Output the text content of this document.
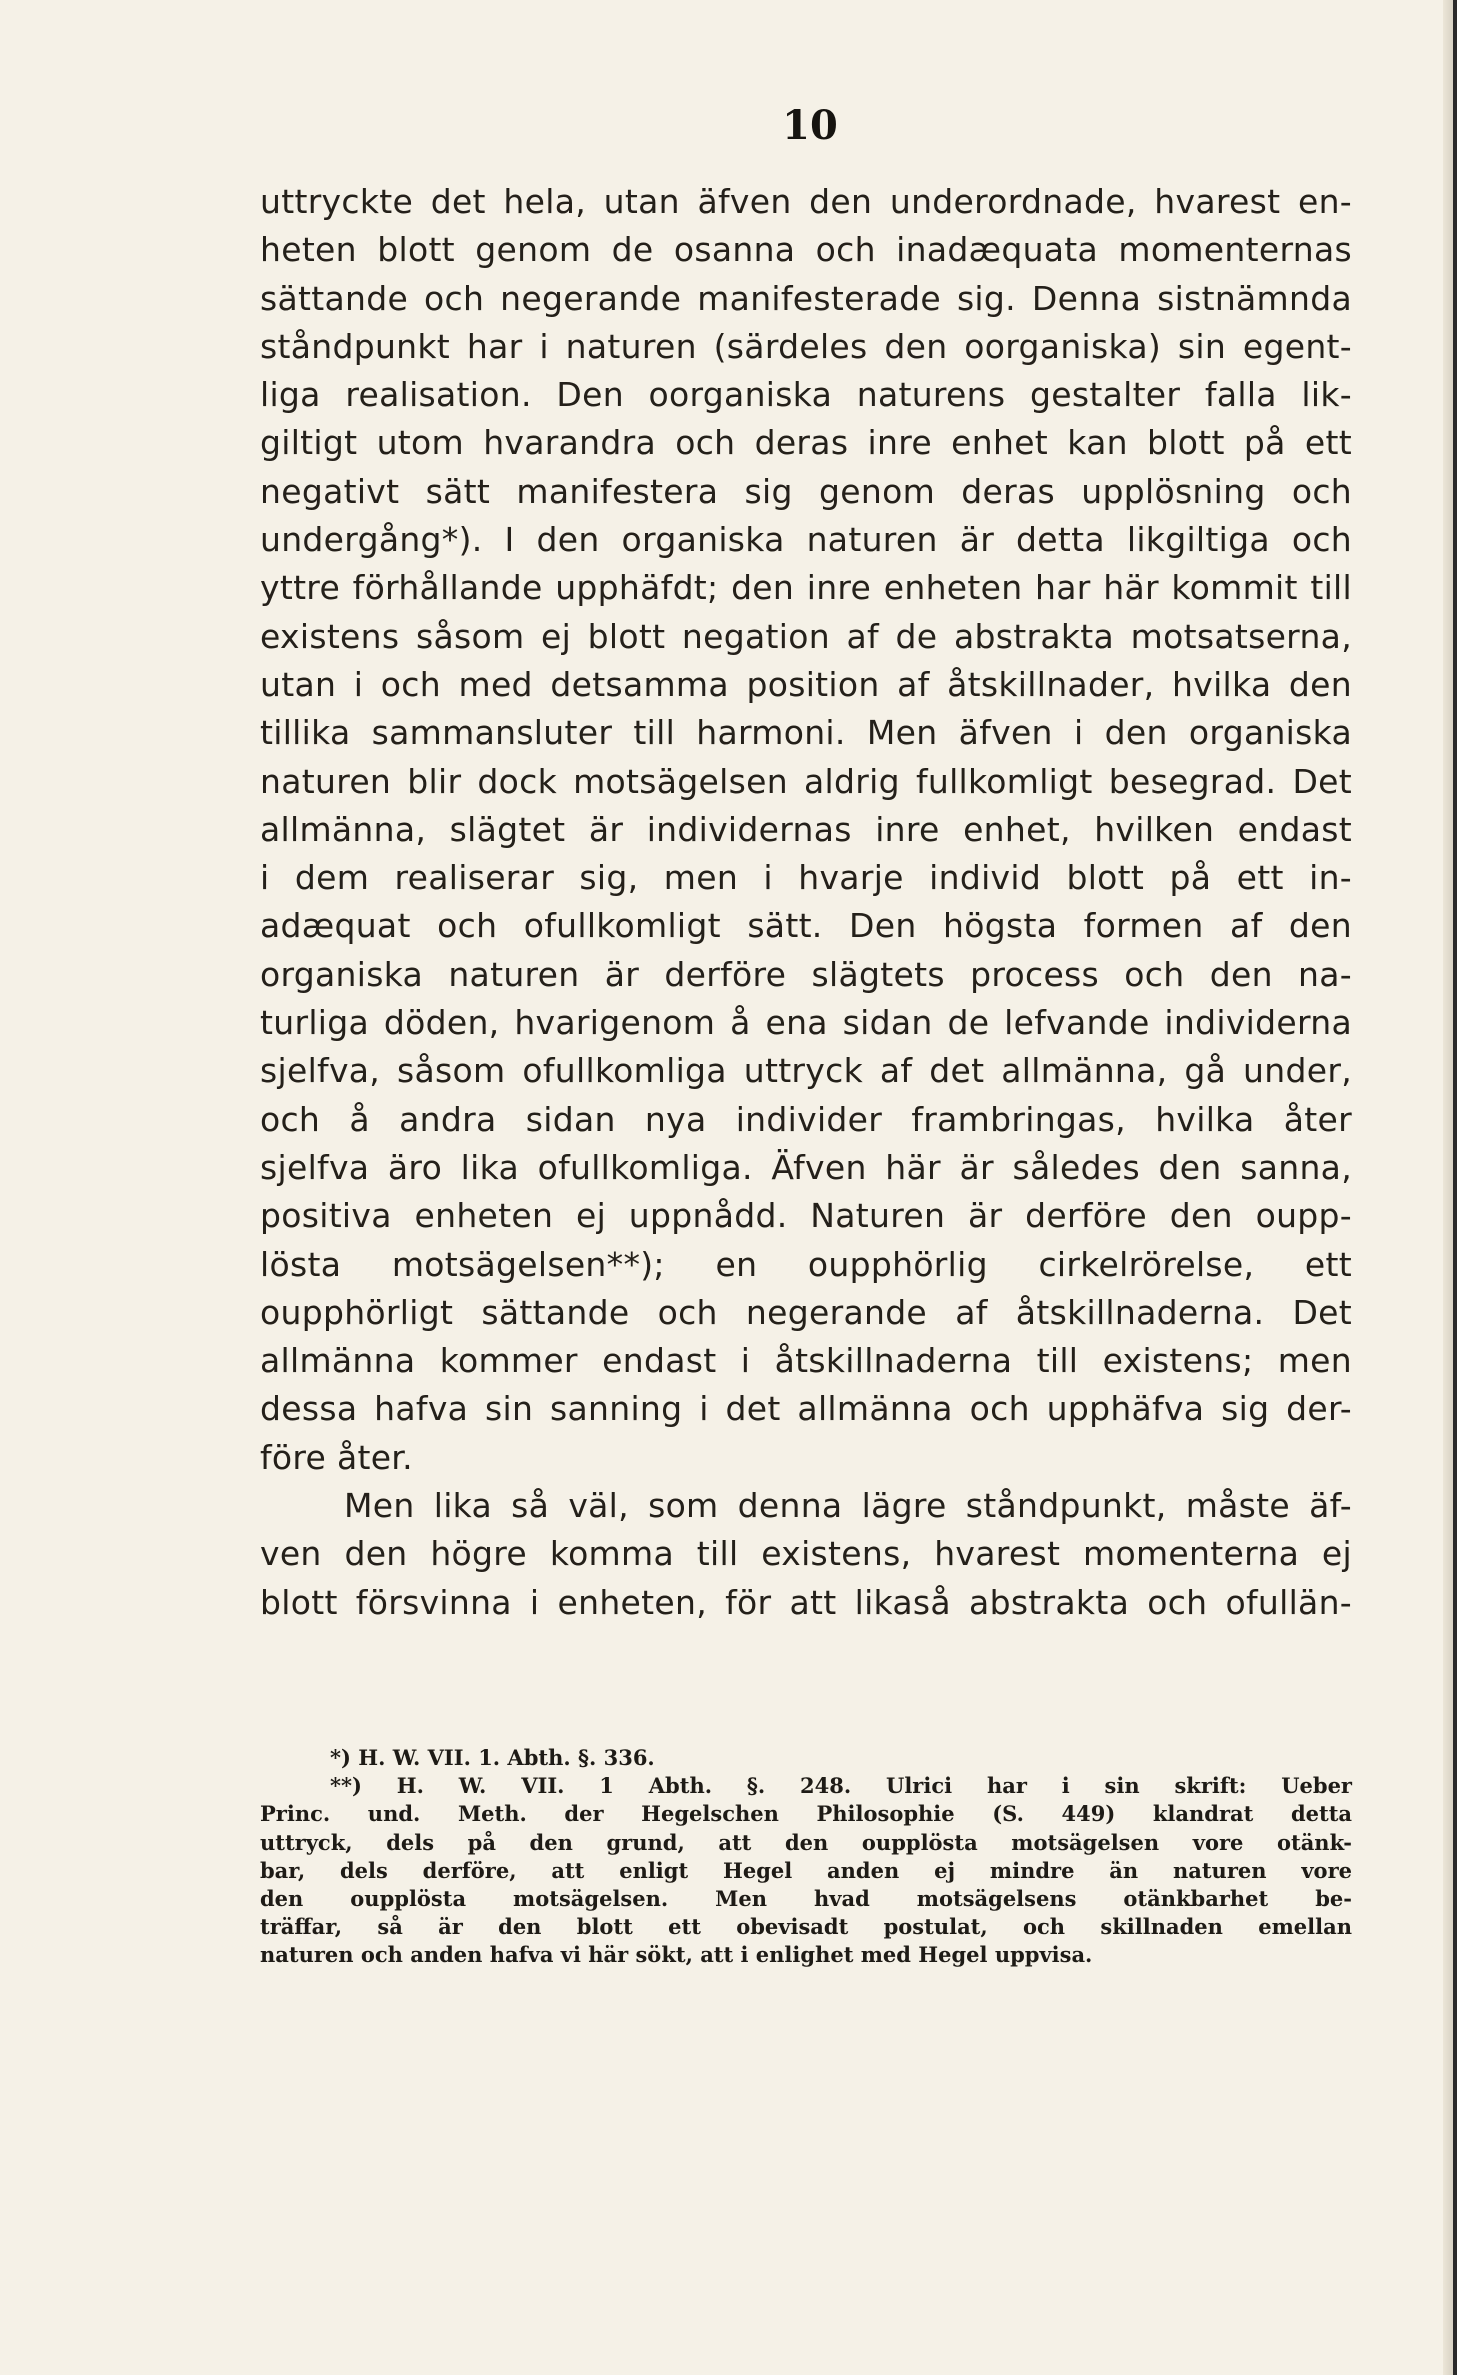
10
uttryckte det hela, utan äfven den underordnade, hvarest en-
heten blott genom de osanna och inadæquata momenternas
sättande och negerande manifesterade sig. Denna sistnämnda
ståndpunkt har i naturen (särdeles den oorganiska) sin egent-
liga realisation. Den oorganiska naturens gestalter falla lik-
giltigt utom hvarandra och deras inre enhet kan blott på ett
negativt sätt manifestera sig genom deras upplösning och
undergång*). I den organiska naturen är detta likgiltiga och
yttre förhållande upphäfdt; den inre enheten har här kommit till
existens såsom ej blott negation af de abstrakta motsatserna,
utan i och med detsamma position af åtskillnader, hvilka den
tillika sammansluter till harmoni. Men äfven i den organiska
naturen blir dock motsägelsen aldrig fullkomligt besegrad. Det
allmänna, slägtet är individernas inre enhet, hvilken endast
i dem realiserar sig, men i hvarje individ blott på ett in-
adæquat och ofullkomligt sätt. Den högsta formen af den
organiska naturen är derföre slägtets process och den na-
turliga döden, hvarigenom å ena sidan de lefvande individerna
sjelfva, såsom ofullkomliga uttryck af det allmänna, gå under,
och å andra sidan nya individer frambringas, hvilka åter
sjelfva äro lika ofullkomliga. Äfven här är således den sanna,
positiva enheten ej uppnådd. Naturen är derföre den oupp-
lösta motsägelsen**); en oupphörlig cirkelrörelse, ett
oupphörligt sättande och negerande af åtskillnaderna. Det
allmänna kommer endast i åtskillnaderna till existens; men
dessa hafva sin sanning i det allmänna och upphäfva sig der-
före åter.
Men lika så väl, som denna lägre ståndpunkt, måste äf-
ven den högre komma till existens, hvarest momenterna ej
blott försvinna i enheten, för att likaså abstrakta och ofullän-
*) H. W. VII. 1. Abth. §. 336.
**) H. W. VII. 1 Abth. §. 248. Ulrici har i sin skrift: Ueber
Princ. und. Meth. der Hegelschen Philosophie (S. 449) klandrat detta
uttryck, dels på den grund, att den oupplösta motsägelsen vore otänk-
bar, dels derföre, att enligt Hegel anden ej mindre än naturen vore
den oupplösta motsägelsen. Men hvad motsägelsens otänkbarhet be-
träffar, så är den blott ett obevisadt postulat, och skillnaden emellan
naturen och anden hafva vi här sökt, att i enlighet med Hegel uppvisa.
